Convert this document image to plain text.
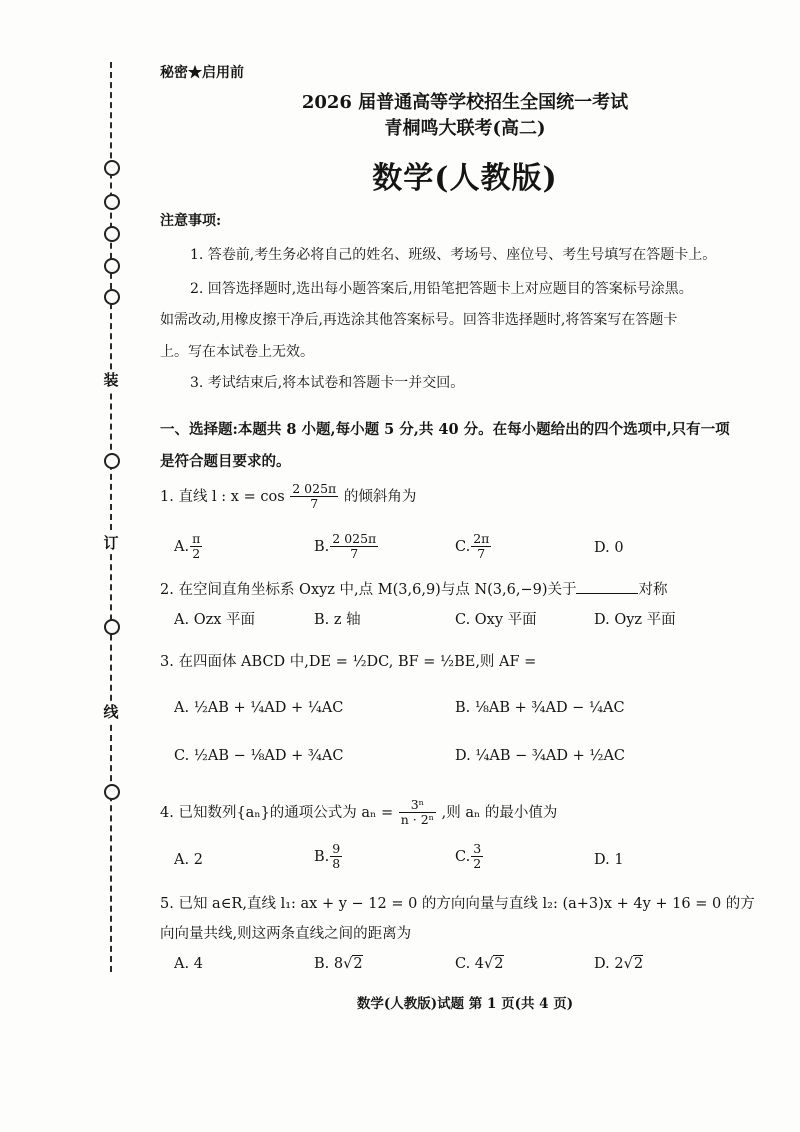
装
订
线
秘密★启用前
2026 届普通高等学校招生全国统一考试
青桐鸣大联考(高二)
数学(人教版)
注意事项:
1. 答卷前,考生务必将自己的姓名、班级、考场号、座位号、考生号填写在答题卡上。
2. 回答选择题时,选出每小题答案后,用铅笔把答题卡上对应题目的答案标号涂黑。
如需改动,用橡皮擦干净后,再选涂其他答案标号。回答非选择题时,将答案写在答题卡
上。写在本试卷上无效。
3. 考试结束后,将本试卷和答题卡一并交回。
一、选择题:本题共 8 小题,每小题 5 分,共 40 分。在每小题给出的四个选项中,只有一项
是符合题目要求的。
1. 直线 l : $x = \cos \frac{2 025\pi}{7}$ 的倾斜角为
A. $\frac{\pi}{2}$	B. $\frac{2 025\pi}{7}$	C. $\frac{2\pi}{7}$	D. 0
2. 在空间直角坐标系 Oxyz 中,点 M(3,6,9)与点 N(3,6,−9)关于	对称
A. Ozx 平面	B. z 轴	C. Oxy 平面	D. Oyz 平面
3. 在四面体 ABCD 中,DE = ½DC, BF = ½BE,则 AF =
A. ½AB + ¼AD + ¼AC	B. ⅛AB + ¾AD − ¼AC
C. ½AB − ⅛AD + ¾AC	D. ¼AB − ¾AD + ½AC
4. 已知数列{aₙ}的通项公式为 $a_n = \frac{\text{3ⁿ}}{\text{n · 2ⁿ}}$ ,则 aₙ 的最小值为
A. 2	B. $\frac{9}{8}$	C. $\frac{3}{2}$	D. 1
5. 已知 a∈R,直线 l₁: ax + y − 12 = 0 的方向向量与直线 l₂: (a+3)x + 4y + 16 = 0 的方
向向量共线,则这两条直线之间的距离为
A. 4	B. 8√2	C. 4√2	D. 2√2
数学(人教版)试题 第 1 页(共 4 页)
